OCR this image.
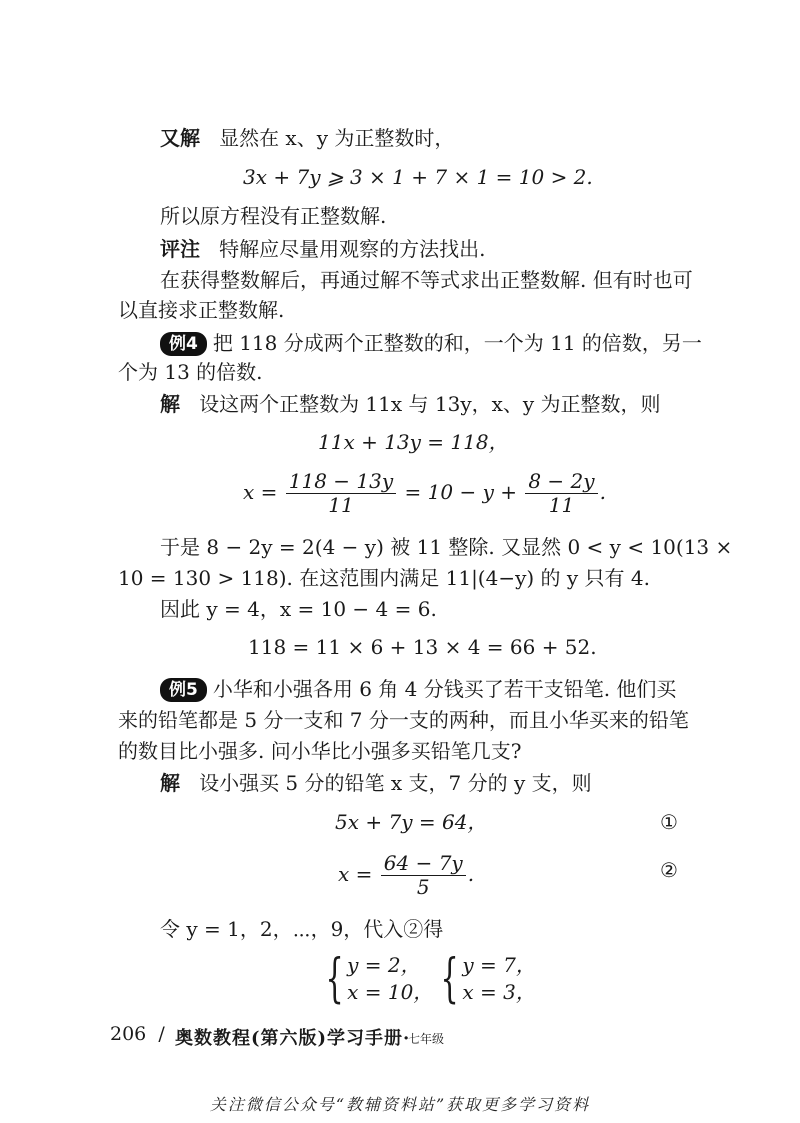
又解 显然在 x、y 为正整数时，
3x + 7y ⩾ 3 × 1 + 7 × 1 = 10 > 2.
所以原方程没有正整数解.
评注 特解应尽量用观察的方法找出.
在获得整数解后，再通过解不等式求出正整数解. 但有时也可
以直接求正整数解.
例4 把 118 分成两个正整数的和，一个为 11 的倍数，另一
个为 13 的倍数.
解 设这两个正整数为 11x 与 13y，x、y 为正整数，则
11x + 13y = 118，
$x = \frac{118 - 13y}{11} = 10 - y + \frac{8 - 2y}{11}$ .
于是 8 − 2y = 2(4 − y) 被 11 整除. 又显然 0 < y < 10(13 ×
10 = 130 > 118). 在这范围内满足 11|(4−y) 的 y 只有 4.
因此 y = 4，x = 10 − 4 = 6.
118 = 11 × 6 + 13 × 4 = 66 + 52.
例5 小华和小强各用 6 角 4 分钱买了若干支铅笔. 他们买
来的铅笔都是 5 分一支和 7 分一支的两种，而且小华买来的铅笔
的数目比小强多. 问小华比小强多买铅笔几支?
解 设小强买 5 分的铅笔 x 支，7 分的 y 支，则
5x + 7y = 64，	①
$x = \frac{64 - 7y}{5}$ .	②
令 y = 1，2，⋯，9，代入②得
{ y = 2，
x = 10， { y = 7，
x = 3，
206 / 奥数教程(第六版)学习手册·
七年级
关注微信公众号“教辅资料站”获取更多学习资料
